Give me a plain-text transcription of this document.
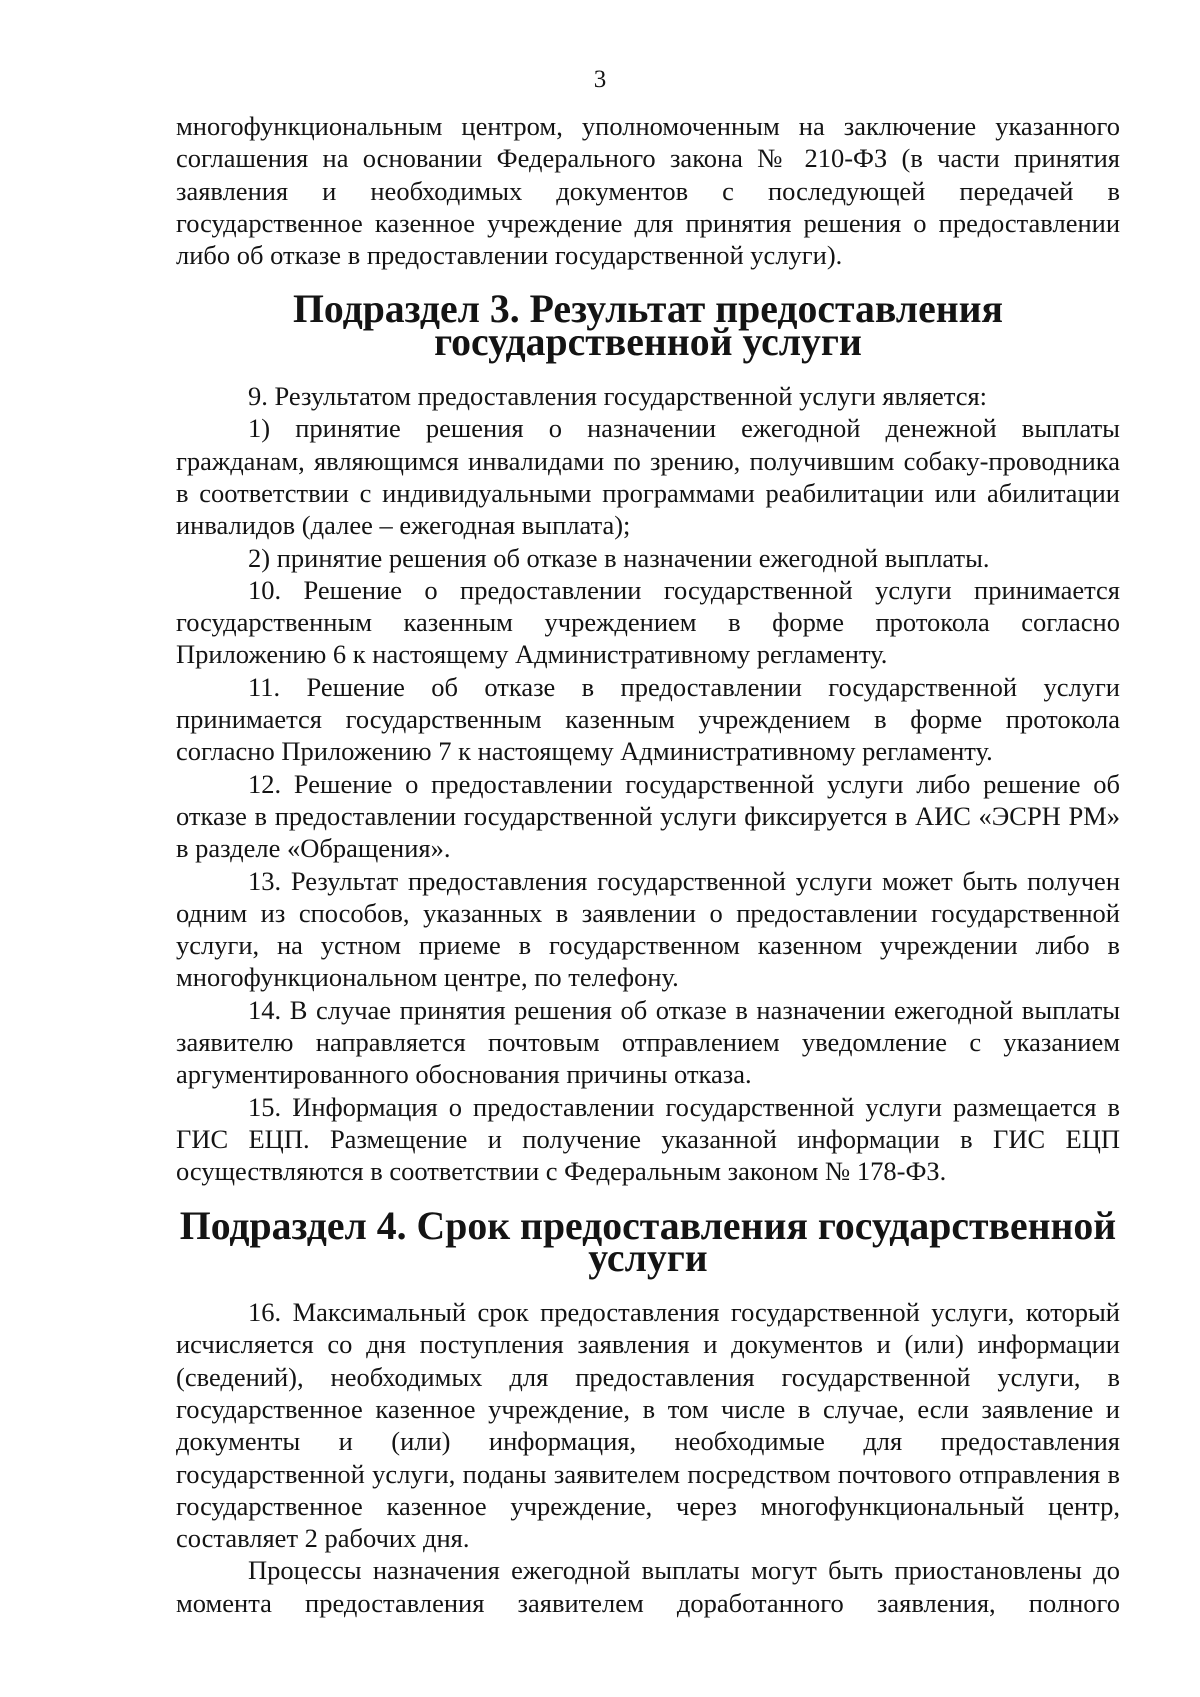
3

многофункциональным центром, уполномоченным на заключение указанного соглашения на основании Федерального закона № 210-ФЗ (в части принятия заявления и необходимых документов с последующей передачей в государственное казенное учреждение для принятия решения о предоставлении либо об отказе в предоставлении государственной услуги).

Подраздел 3. Результат предоставления государственной услуги

9. Результатом предоставления государственной услуги является:

1) принятие решения о назначении ежегодной денежной выплаты гражданам, являющимся инвалидами по зрению, получившим собаку-проводника в соответствии с индивидуальными программами реабилитации или абилитации инвалидов (далее – ежегодная выплата);

2) принятие решения об отказе в назначении ежегодной выплаты.

10. Решение о предоставлении государственной услуги принимается государственным казенным учреждением в форме протокола согласно Приложению 6 к настоящему Административному регламенту.

11. Решение об отказе в предоставлении государственной услуги принимается государственным казенным учреждением в форме протокола согласно Приложению 7 к настоящему Административному регламенту.

12. Решение о предоставлении государственной услуги либо решение об отказе в предоставлении государственной услуги фиксируется в АИС «ЭСРН РМ» в разделе «Обращения».

13. Результат предоставления государственной услуги может быть получен одним из способов, указанных в заявлении о предоставлении государственной услуги, на устном приеме в государственном казенном учреждении либо в многофункциональном центре, по телефону.

14. В случае принятия решения об отказе в назначении ежегодной выплаты заявителю направляется почтовым отправлением уведомление с указанием аргументированного обоснования причины отказа.

15. Информация о предоставлении государственной услуги размещается в ГИС ЕЦП. Размещение и получение указанной информации в ГИС ЕЦП осуществляются в соответствии с Федеральным законом № 178-ФЗ.

Подраздел 4. Срок предоставления государственной услуги

16. Максимальный срок предоставления государственной услуги, который исчисляется со дня поступления заявления и документов и (или) информации (сведений), необходимых для предоставления государственной услуги, в государственное казенное учреждение, в том числе в случае, если заявление и документы и (или) информация, необходимые для предоставления государственной услуги, поданы заявителем посредством почтового отправления в государственное казенное учреждение, через многофункциональный центр, составляет 2 рабочих дня.

Процессы назначения ежегодной выплаты могут быть приостановлены до момента предоставления заявителем доработанного заявления, полного
